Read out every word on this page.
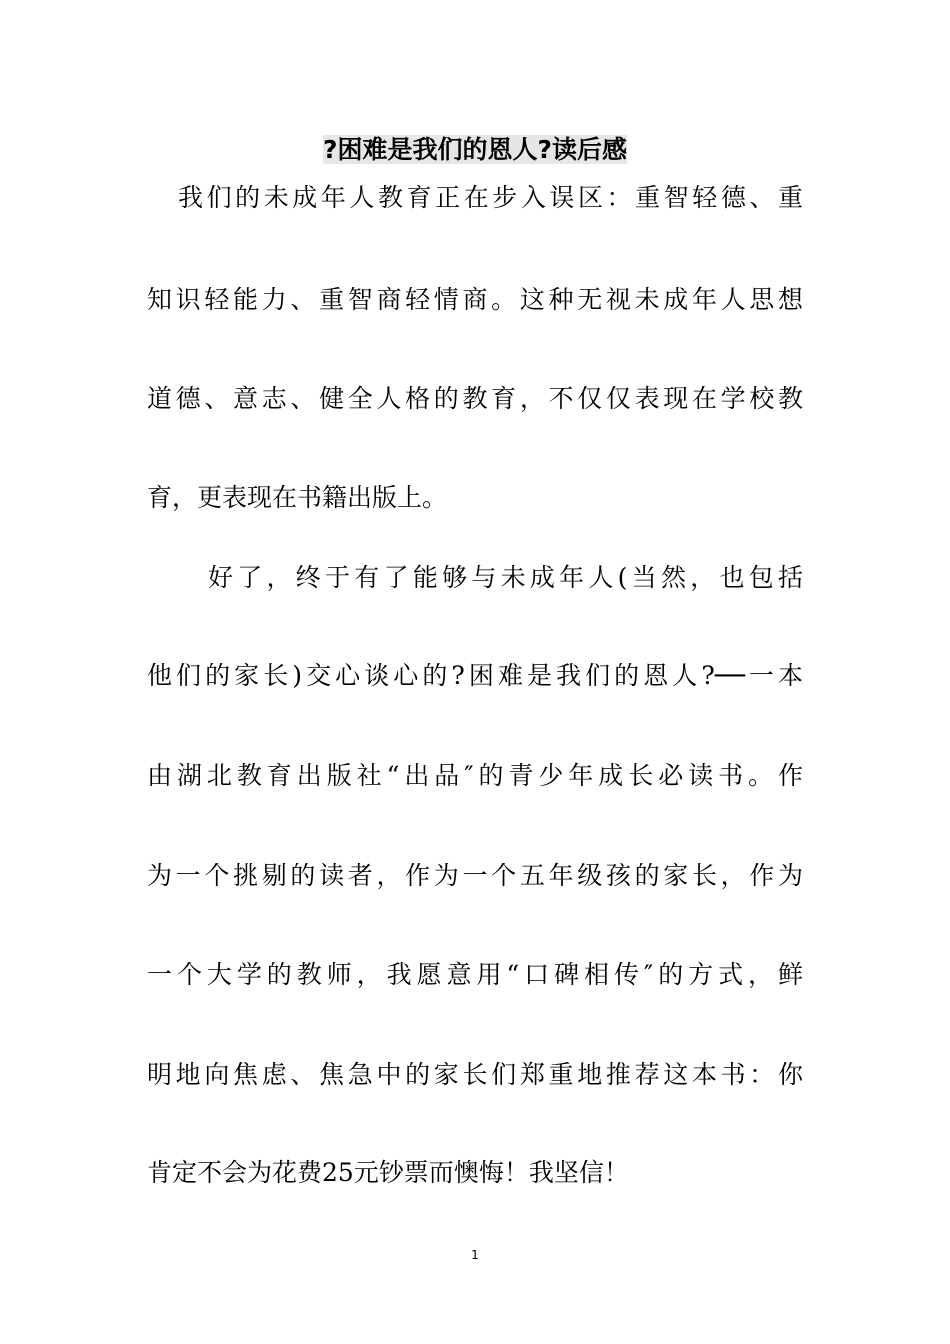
?困难是我们的恩人?读后感
我们的未成年人教育正在步入误区：重智轻德、重
知识轻能力、重智商轻情商。这种无视未成年人思想
道德、意志、健全人格的教育，不仅仅表现在学校教
育，更表现在书籍出版上。
好了，终于有了能够与未成年人(当然，也包括
他们的家长)交心谈心的?困难是我们的恩人?──一本
由湖北教育出版社“出品″的青少年成长必读书。作
为一个挑剔的读者，作为一个五年级孩的家长，作为
一个大学的教师，我愿意用“口碑相传″的方式，鲜
明地向焦虑、焦急中的家长们郑重地推荐这本书：你
肯定不会为花费25元钞票而懊悔！我坚信！
1
